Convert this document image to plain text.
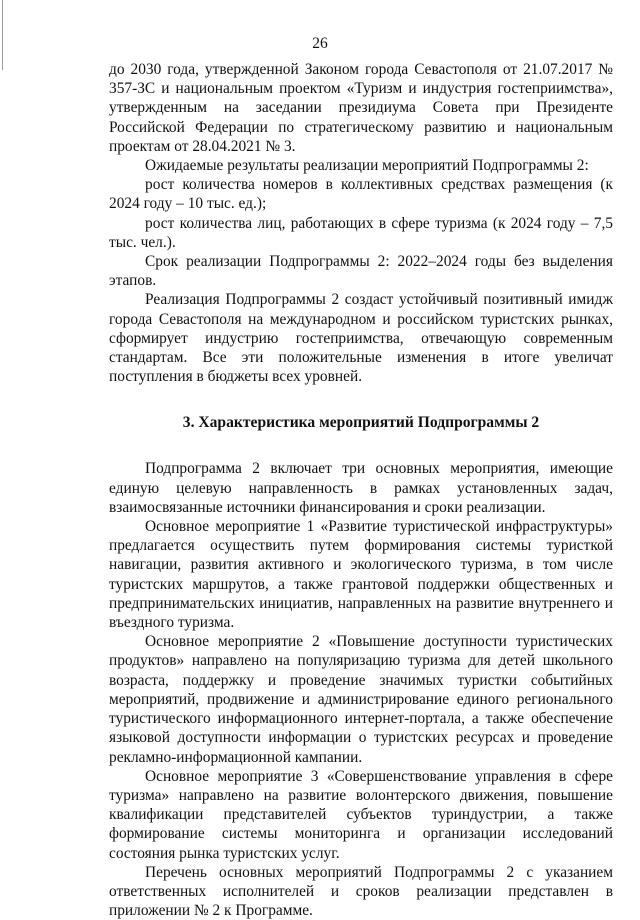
26

до 2030 года, утвержденной Законом города Севастополя от 21.07.2017 № 357-ЗС и национальным проектом «Туризм и индустрия гостеприимства», утвержденным на заседании президиума Совета при Президенте Российской Федерации по стратегическому развитию и национальным проектам от 28.04.2021 № 3.

Ожидаемые результаты реализации мероприятий Подпрограммы 2:

рост количества номеров в коллективных средствах размещения (к 2024 году – 10 тыс. ед.);

рост количества лиц, работающих в сфере туризма (к 2024 году – 7,5 тыс. чел.).

Срок реализации Подпрограммы 2: 2022–2024 годы без выделения этапов.

Реализация Подпрограммы 2 создаст устойчивый позитивный имидж города Севастополя на международном и российском туристских рынках, сформирует индустрию гостеприимства, отвечающую современным стандартам. Все эти положительные изменения в итоге увеличат поступления в бюджеты всех уровней.

3. Характеристика мероприятий Подпрограммы 2

Подпрограмма 2 включает три основных мероприятия, имеющие единую целевую направленность в рамках установленных задач, взаимосвязанные источники финансирования и сроки реализации.

Основное мероприятие 1 «Развитие туристической инфраструктуры» предлагается осуществить путем формирования системы туристкой навигации, развития активного и экологического туризма, в том числе туристских маршрутов, а также грантовой поддержки общественных и предпринимательских инициатив, направленных на развитие внутреннего и въездного туризма.

Основное мероприятие 2 «Повышение доступности туристических продуктов» направлено на популяризацию туризма для детей школьного возраста, поддержку и проведение значимых туристки событийных мероприятий, продвижение и администрирование единого регионального туристического информационного интернет-портала, а также обеспечение языковой доступности информации о туристских ресурсах и проведение рекламно-информационной кампании.

Основное мероприятие 3 «Совершенствование управления в сфере туризма» направлено на развитие волонтерского движения, повышение квалификации представителей субъектов туриндустрии, а также формирование системы мониторинга и организации исследований состояния рынка туристских услуг.

Перечень основных мероприятий Подпрограммы 2 с указанием ответственных исполнителей и сроков реализации представлен в приложении № 2 к Программе.
